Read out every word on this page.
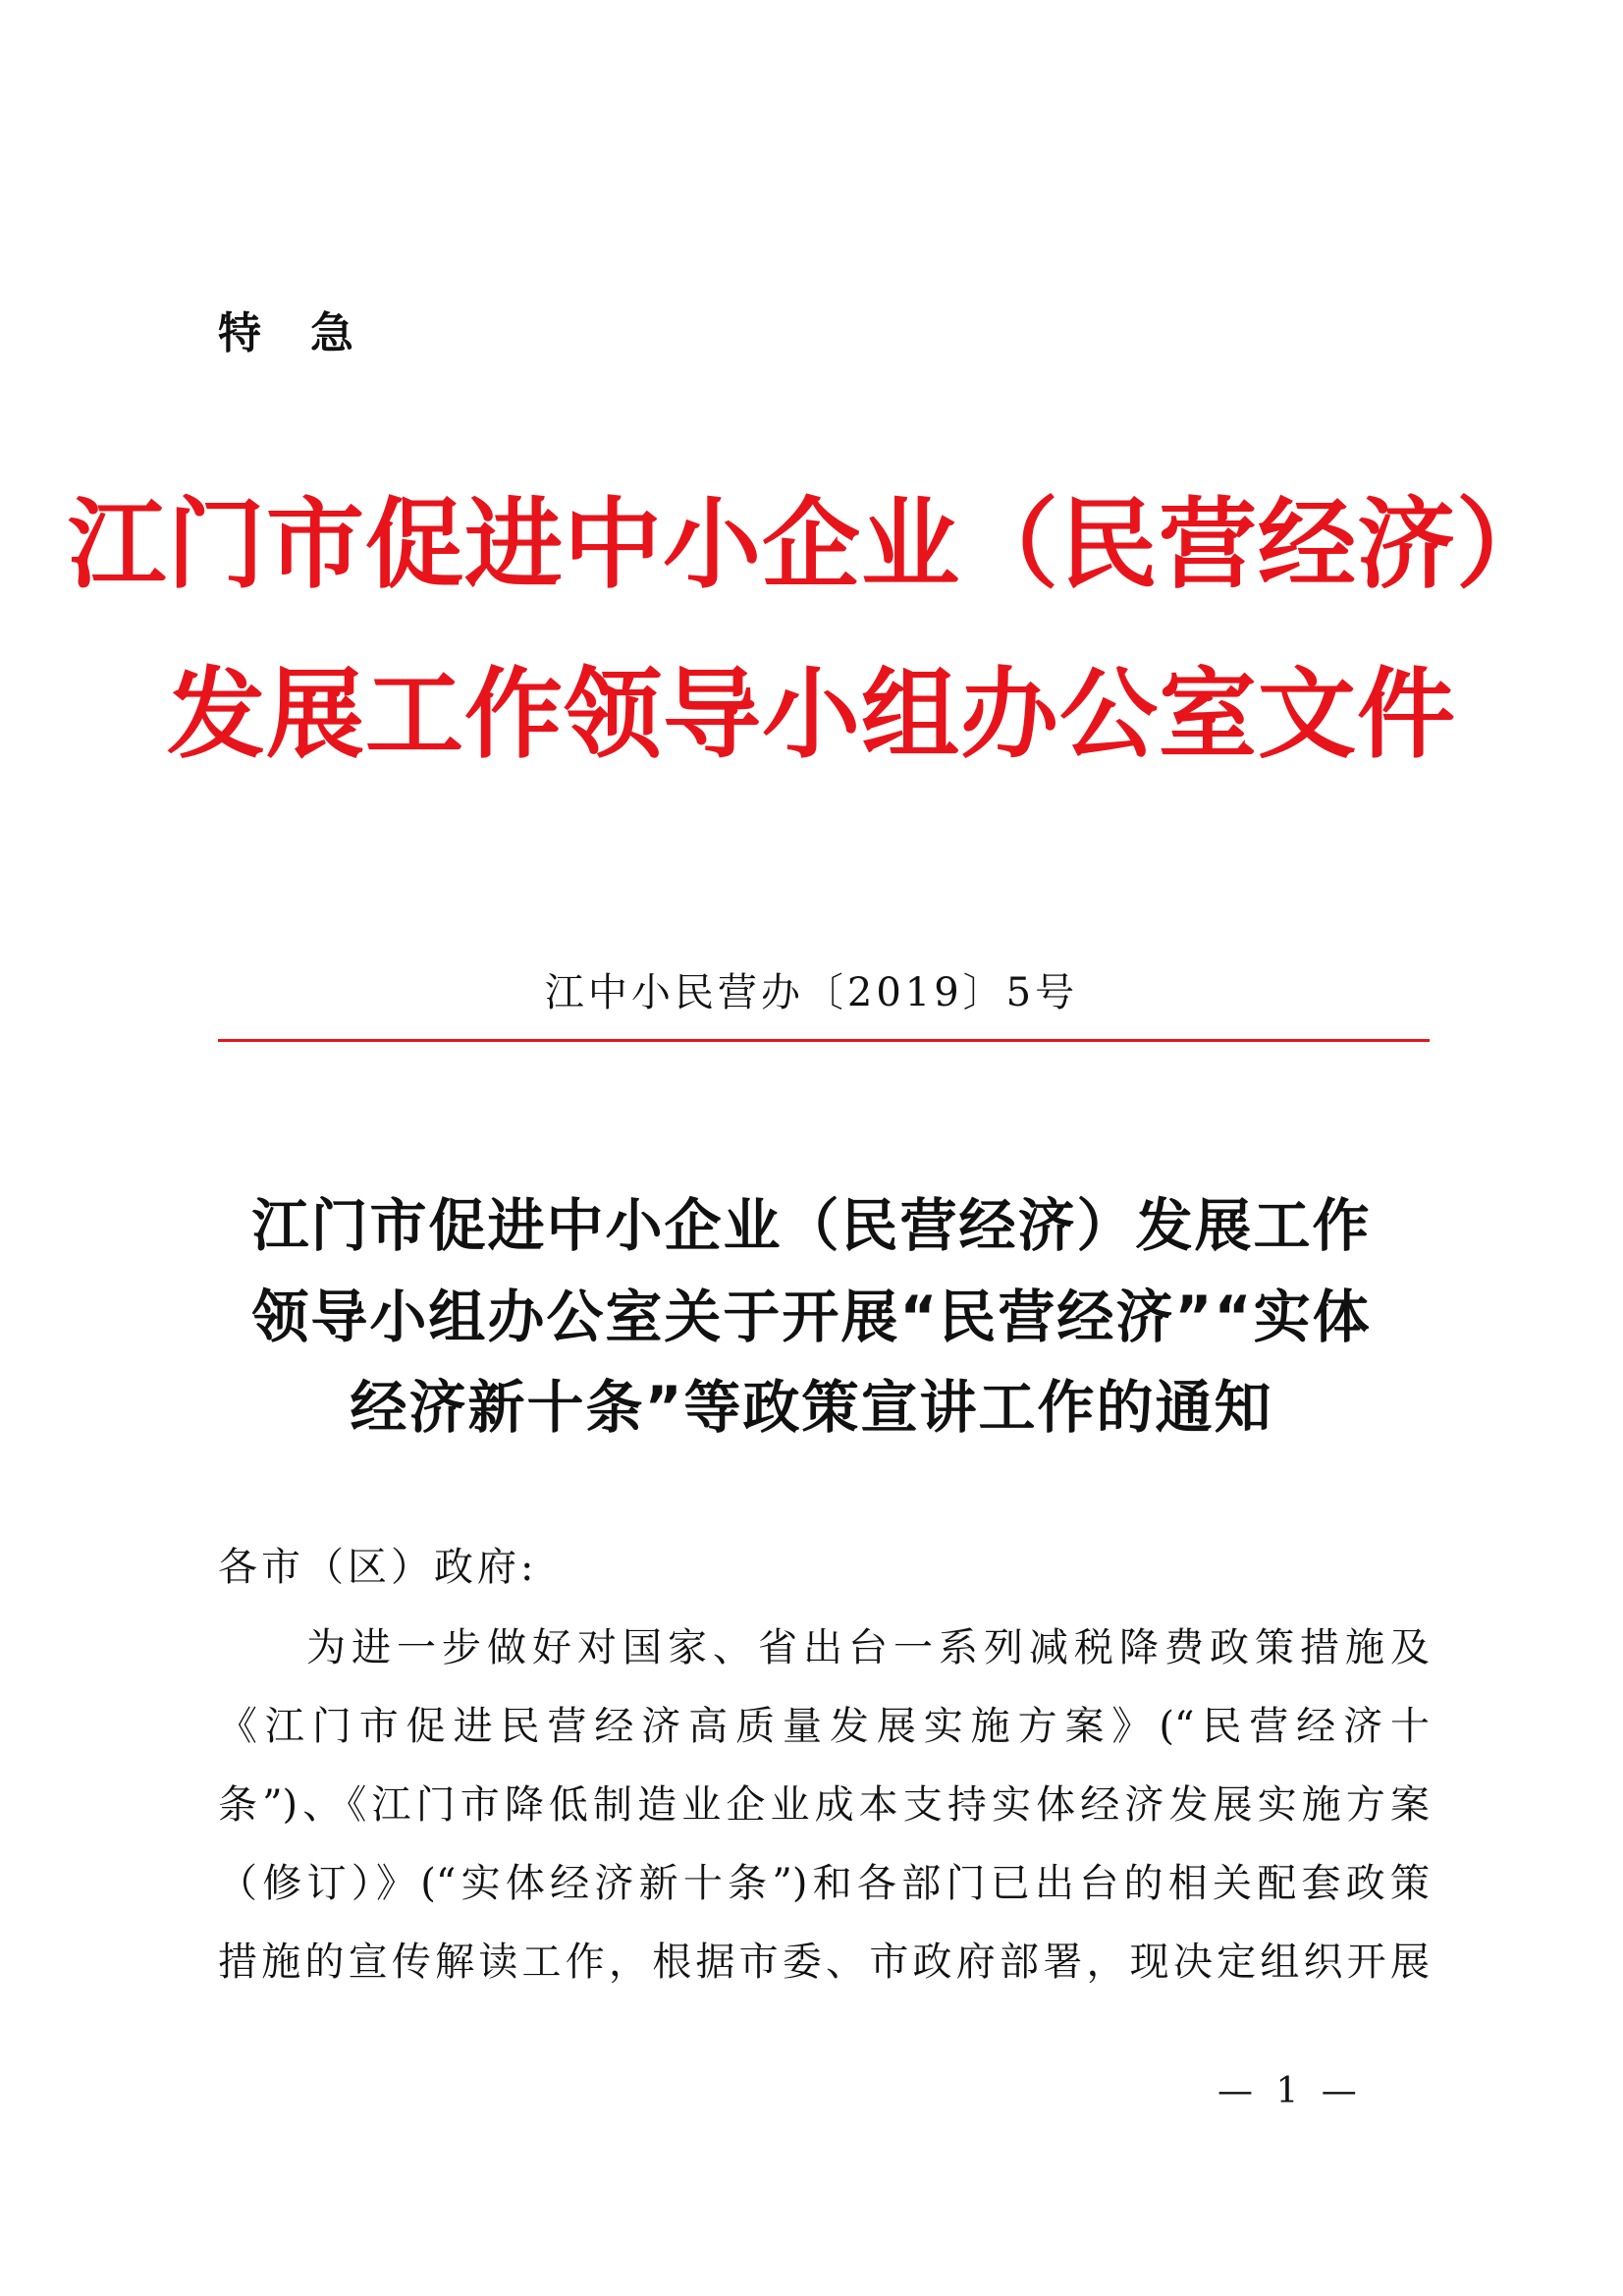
特急
江门市促进中小企业（民营经济）
发展工作领导小组办公室文件
江中小民营办〔2019〕5号
江门市促进中小企业（民营经济）发展工作
领导小组办公室关于开展“民营经济”“实体
经济新十条”等政策宣讲工作的通知
各市（区）政府:
为进一步做好对国家、省出台一系列减税降费政策措施及
《江门市促进民营经济高质量发展实施方案》(“民营经济十
条”)、《江门市降低制造业企业成本支持实体经济发展实施方案
（修订）》(“实体经济新十条”)和各部门已出台的相关配套政策
措施的宣传解读工作，根据市委、市政府部署，现决定组织开展
— 1 —
